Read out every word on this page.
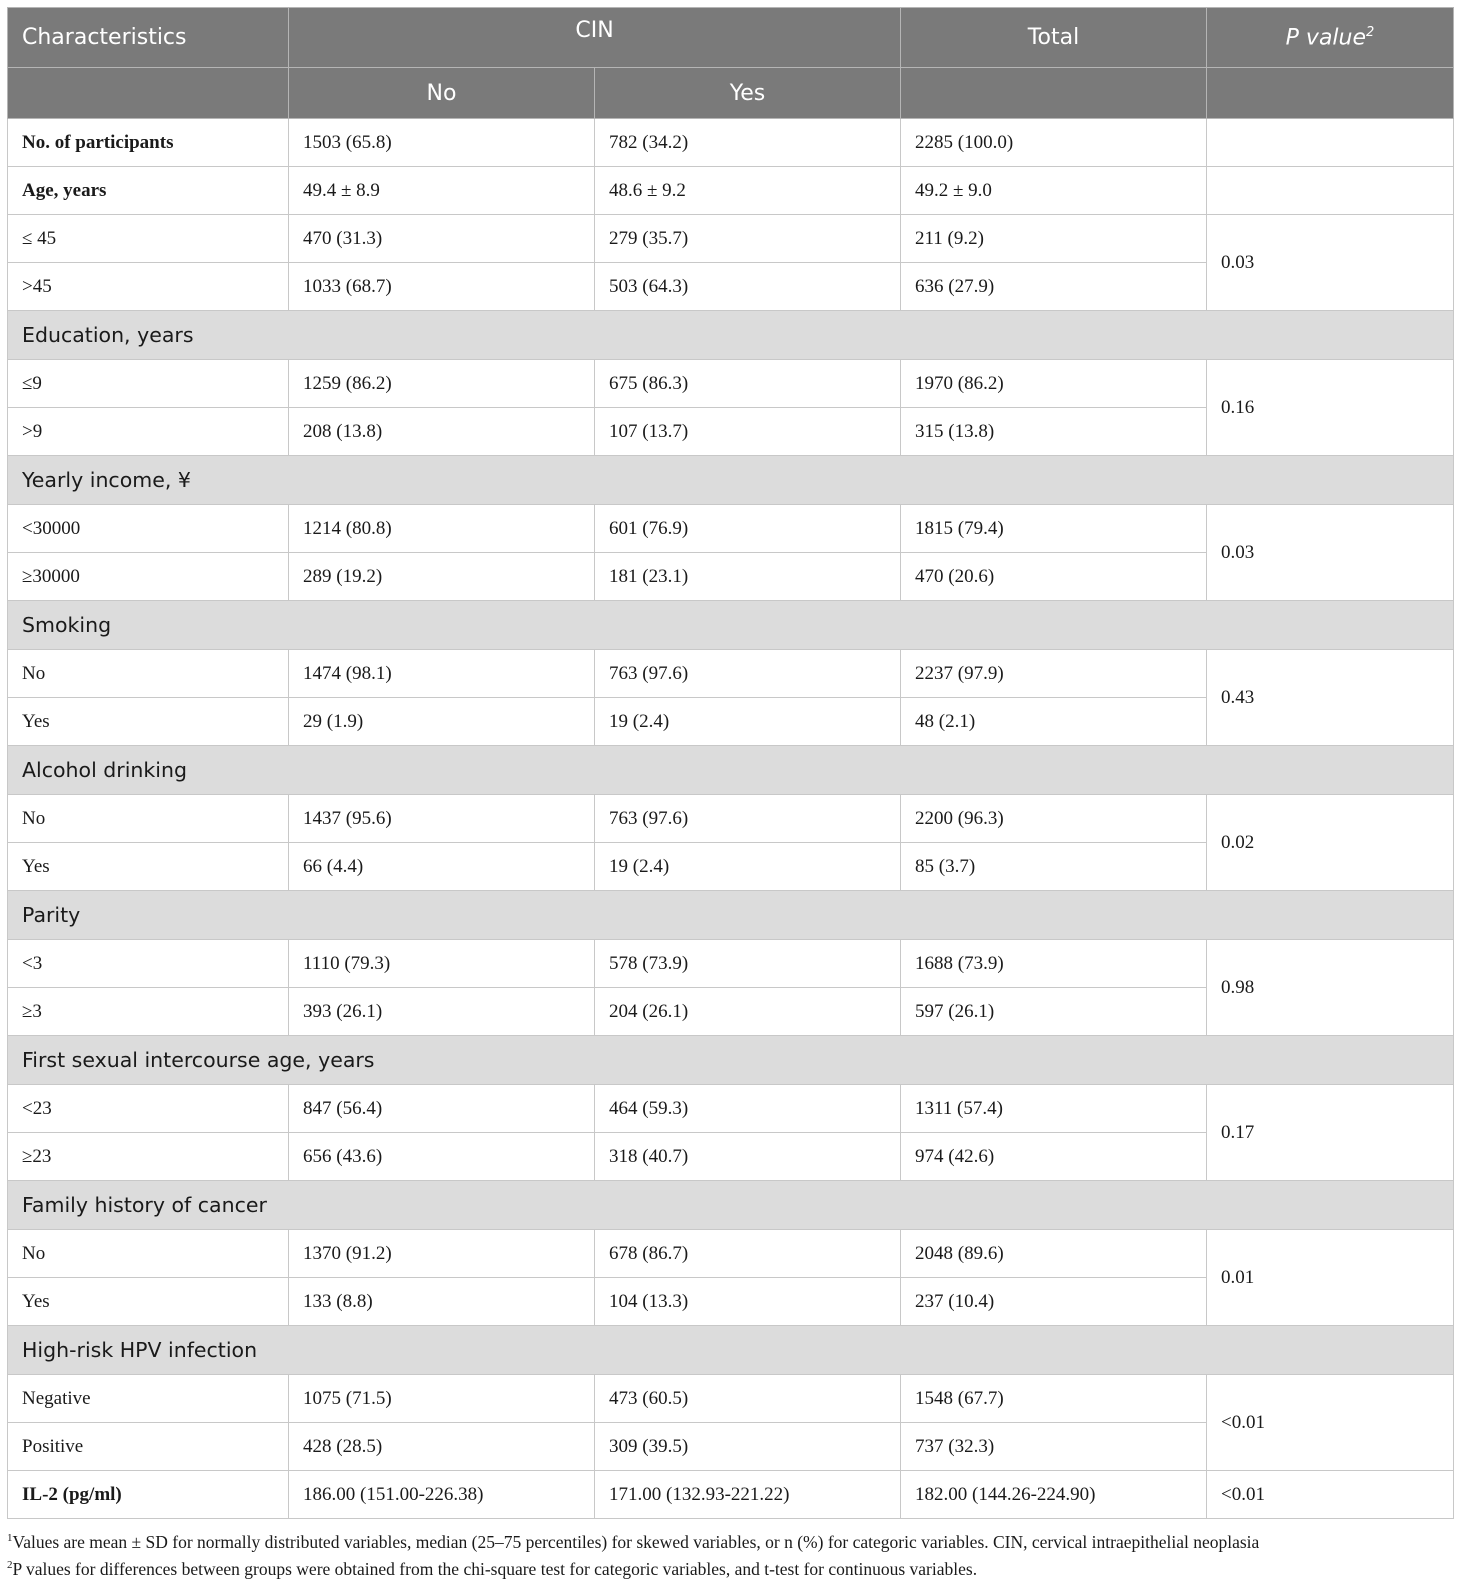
Characteristics	CIN		Total	P value$^2$
	No	Yes		
No. of participants	1503 (65.8)	782 (34.2)	2285 (100.0)	
Age, years	49.4 ± 8.9	48.6 ± 9.2	49.2 ± 9.0	
≤ 45	470 (31.3)	279 (35.7)	211 (9.2)	0.03
>45	1033 (68.7)	503 (64.3)	636 (27.9)	
Education, years				
≤9	1259 (86.2)	675 (86.3)	1970 (86.2)	0.16
>9	208 (13.8)	107 (13.7)	315 (13.8)	
Yearly income, ¥				
<30000	1214 (80.8)	601 (76.9)	1815 (79.4)	0.03
≥30000	289 (19.2)	181 (23.1)	470 (20.6)	
Smoking				
No	1474 (98.1)	763 (97.6)	2237 (97.9)	0.43
Yes	29 (1.9)	19 (2.4)	48 (2.1)	
Alcohol drinking				
No	1437 (95.6)	763 (97.6)	2200 (96.3)	0.02
Yes	66 (4.4)	19 (2.4)	85 (3.7)	
Parity				
<3	1110 (79.3)	578 (73.9)	1688 (73.9)	0.98
≥3	393 (26.1)	204 (26.1)	597 (26.1)	
First sexual intercourse age, years				
<23	847 (56.4)	464 (59.3)	1311 (57.4)	0.17
≥23	656 (43.6)	318 (40.7)	974 (42.6)	
Family history of cancer				
No	1370 (91.2)	678 (86.7)	2048 (89.6)	0.01
Yes	133 (8.8)	104 (13.3)	237 (10.4)	
High-risk HPV infection				
Negative	1075 (71.5)	473 (60.5)	1548 (67.7)	<0.01
Positive	428 (28.5)	309 (39.5)	737 (32.3)	
IL-2 (pg/ml)	186.00 (151.00-226.38)	171.00 (132.93-221.22)	182.00 (144.26-224.90)	<0.01
$^1$Values are mean ± SD for normally distributed variables, median (25–75 percentiles) for skewed variables, or n (%) for categoric variables. CIN, cervical intraepithelial neoplasia
$^2$P values for differences between groups were obtained from the chi-square test for categoric variables, and t-test for continuous variables.
